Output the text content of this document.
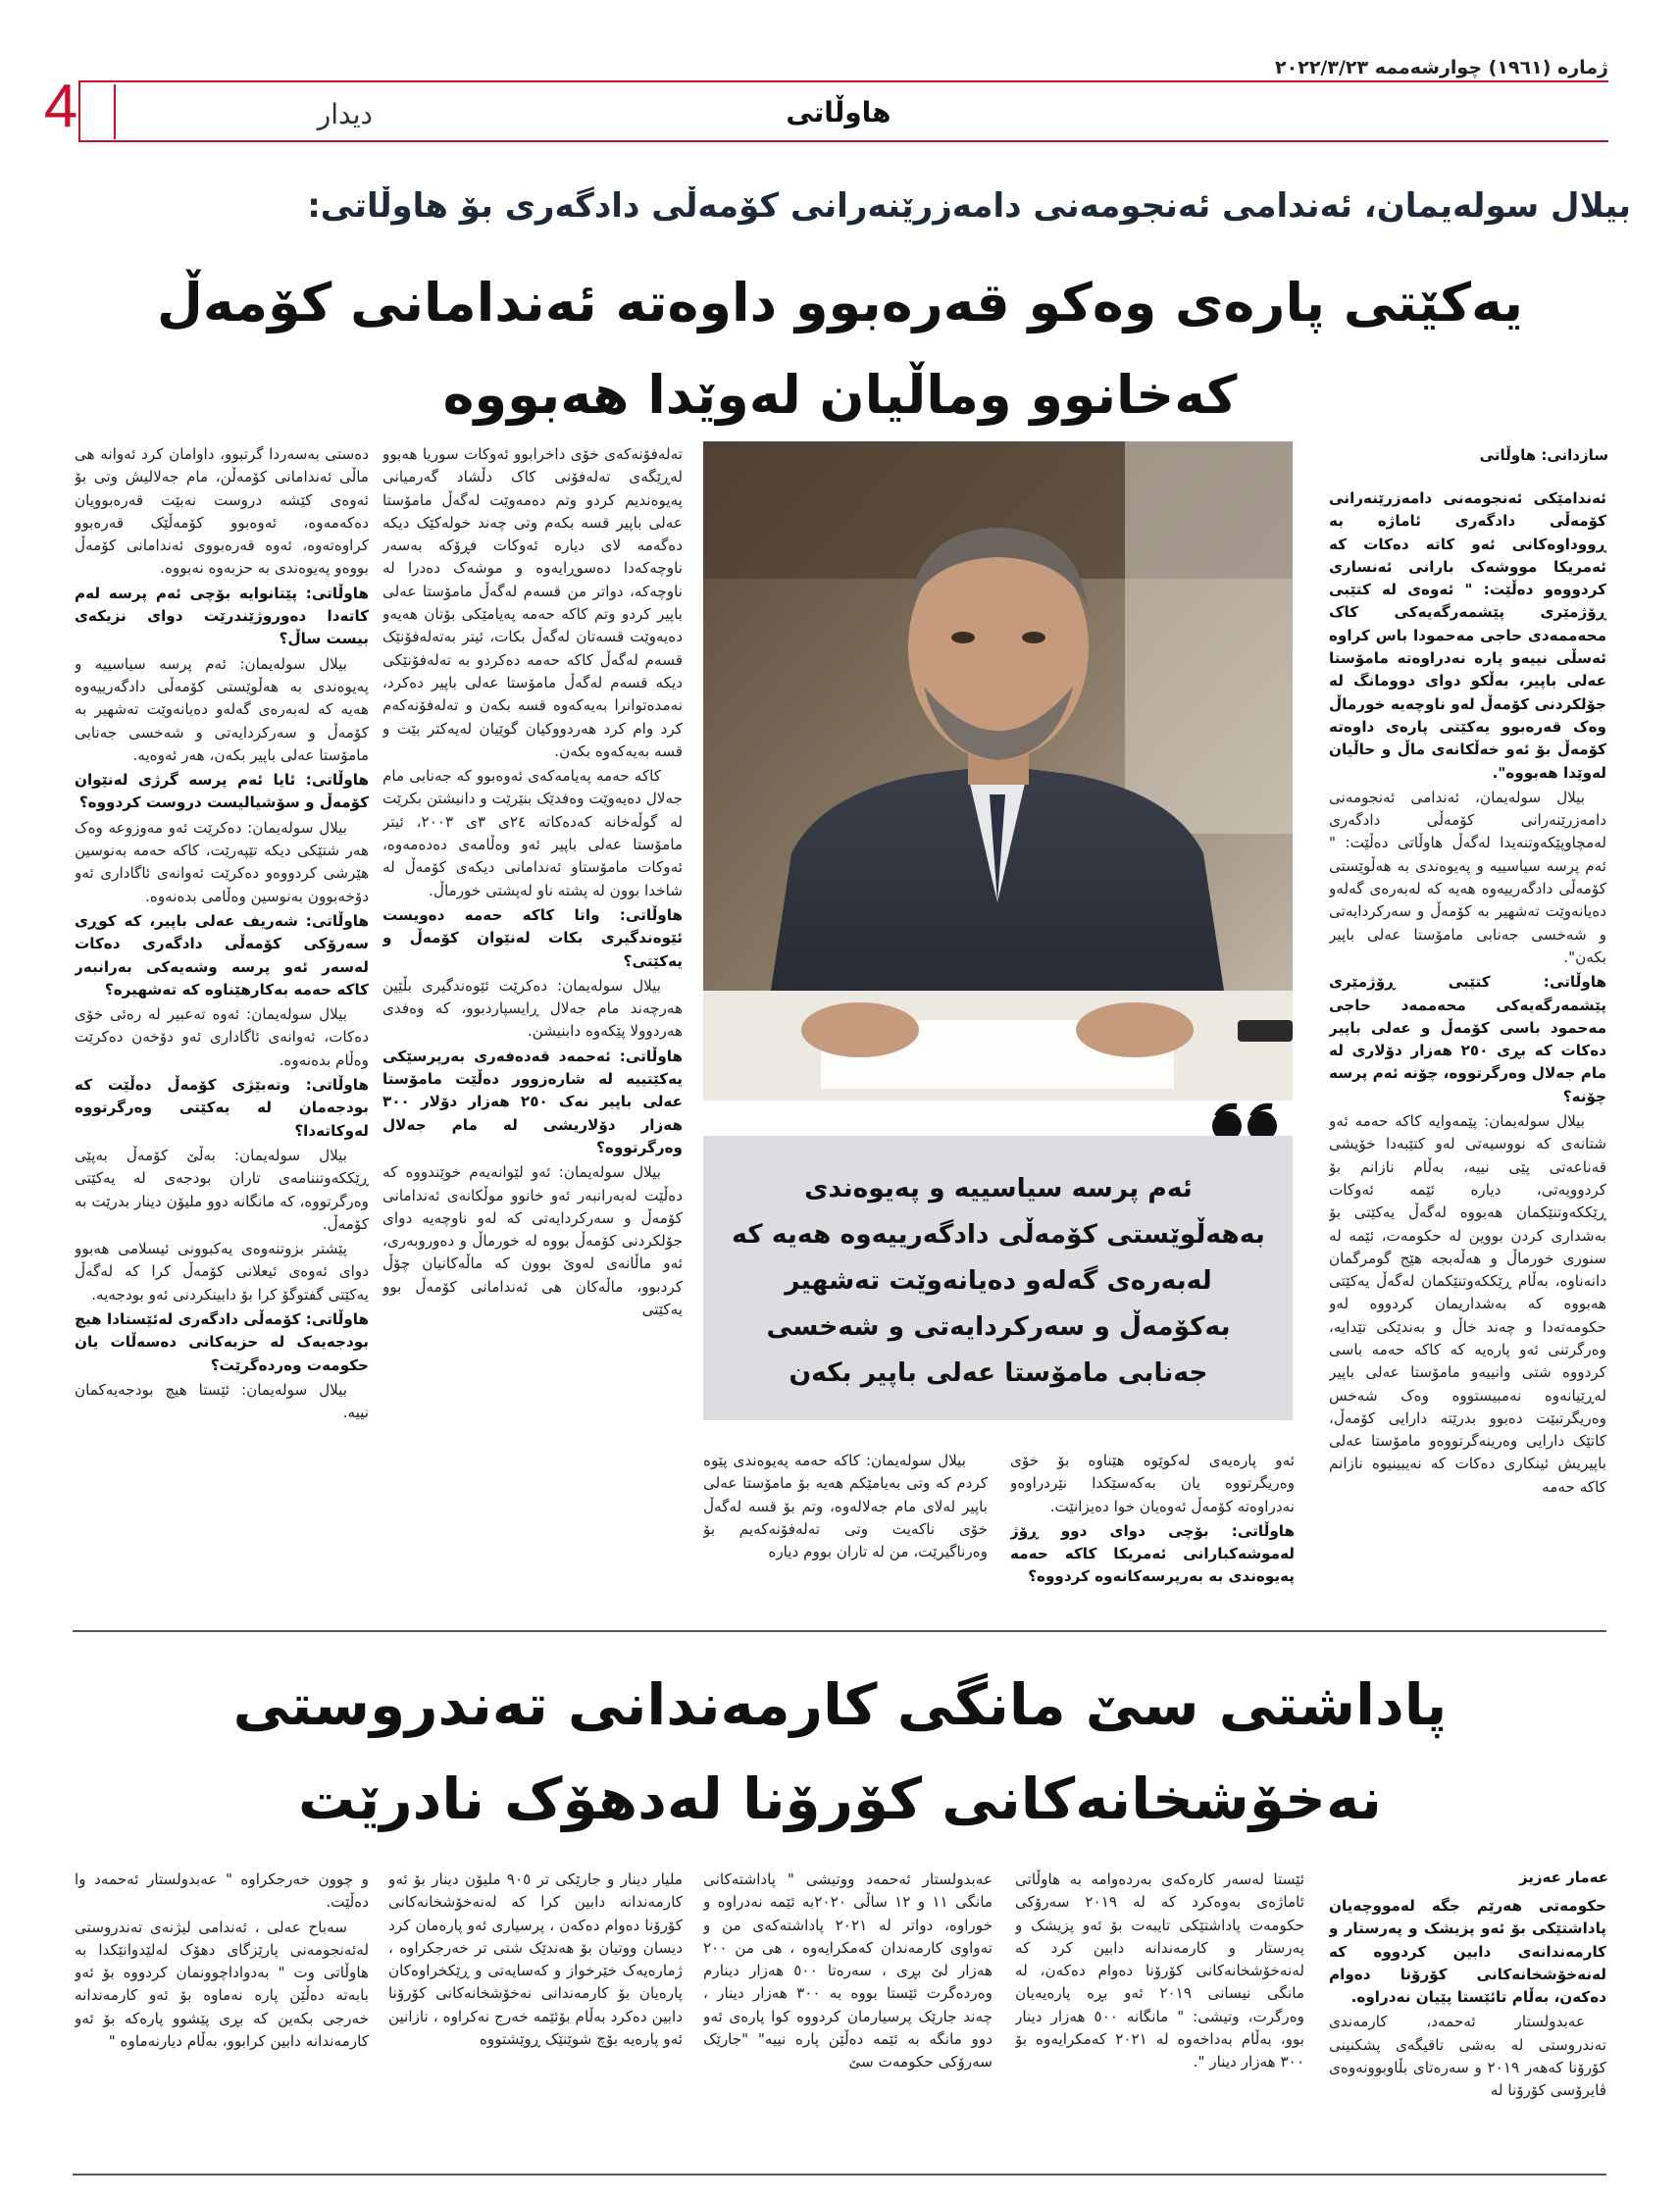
4
ژمارە (١٩٦١) چوارشەممە ٢٠٢٢/٣/٢٣
هاوڵاتی
دیدار
بیلال سولەیمان، ئەندامی ئەنجومەنی دامەزرێنەرانی کۆمەڵی دادگەری بۆ هاوڵاتی:
یەکێتی پارەی وەکو قەرەبوو داوەتە ئەندامانی کۆمەڵ کەخانوو وماڵیان لەوێدا هەبووە
سازدانی: هاوڵاتی

ئەندامێکی ئەنجومەنی دامەزرێنەرانی کۆمەڵی دادگەری ئاماژە بە ڕووداوەکانی ئەو کاتە دەکات کە ئەمریکا مووشەک بارانی ئەنسارى کردووەو دەڵێت: " ئەوەی لە کتێبی ڕۆژمێری پێشمەرگەیەکی کاک محەممەدی حاجی مەحمودا باس کراوە ئەسڵی نییەو پارە نەدراوەتە مامۆستا عەلی باپیر، بەڵکو دوای دووماﻧﮓ لە جۆلکردنی کۆمەڵ لەو ناوچەیە خورماڵ وەک قەرەبوو یەکێتی پارەی داوەتە کۆمەڵ بۆ ئەو خەڵکانەی ماڵ و حاڵیان لەوێدا هەبووە".

بیلال سولەیمان، ئەندامی ئەنجومەنی دامەزرێنەرانی کۆمەڵی دادگەری لەمچاوپێکەوتنەیدا لەگەڵ هاوڵاتی دەڵێت: " ئەم پرسە سیاسییە و پەیوەندی بە هەڵوێستی کۆمەڵی دادگەرییەوە هەیە کە لەبەرەی گەلەو دەیانەوێت تەشهیر بە کۆمەڵ و سەرکردایەتی و شەخسی جەنابی مامۆستا عەلی باپیر بکەن".

هاوڵاتی: کتێبی ڕۆژمێری پێشمەرگەیەکی محەممەد حاجی مەحمود باسی کۆمەڵ و عەلی باپیر دەکات کە بڕی ٢٥٠ هەزار دۆلاری لە مام جەلال وەرگرتووە، چۆنە ئەم پرسە چۆنە؟

بیلال سولەیمان: پێمەوایە کاکە حەمە ئەو شتانەی کە نووسیەتی لەو کتێبەدا خۆیشی قەناعەتی پێی نییە، بەڵام نازانم بۆ کردوویەتی، دیارە ئێمە ئەوکات ڕێککەوتنێکمان هەبووە لەگەڵ یەکێتی بۆ بەشداری کردن بووین لە حکومەت، ئێمە لە سنوری خورماڵ و هەڵەبجە هێج گومرگمان دانەناوە، بەڵام ڕێککەوتنێکمان لەگەڵ یەکێتی هەبووە کە بەشداریمان کردووە لەو حکومەتەدا و چەند خاڵ و بەندێکی تێدایە، وەرگرتنی ئەو پارەیە کە کاکە حەمە باسی کردووە شتی وانییەو مامۆستا عەلی باپیر لەڕێیانەوە نەمبیستووە وەک شەخس وەریگرتبێت دەبوو بدرێتە دارایی کۆمەڵ، کاتێک دارایی وەرینەگرتووەو مامۆستا عەلی باپیریش ئینکاری دەکات کە نەیبینیوە نازانم کاکە حەمە

ئەم پرسە سیاسییە و پەیوەندی بەهەڵوێستی کۆمەڵی دادگەرییەوە هەیە کە لەبەرەی گەلەو دەیانەوێت تەشهیر بەکۆمەڵ و سەرکردایەتی و شەخسی جەنابی مامۆستا عەلی باپیر بکەن

ئەو پارەیەی لەکوێوە هێناوە بۆ خۆی وەریگرتووە یان بەکەسێکدا نێردراوەو نەدراوەتە کۆمەڵ ئەوەیان خوا دەیزانێت.

هاوڵاتی: بۆچی دوای دوو ڕۆژ لەموشەکبارانی ئەمریکا کاکە حەمە پەیوەندی بە بەرپرسەکانەوە کردووە؟

بیلال سولەیمان: کاکە حەمە پەیوەندی پێوە کردم کە وتی بەیامێکم هەیە بۆ مامۆستا عەلی باپیر لەلای مام جەلالەوە، وتم بۆ قسە لەگەڵ خۆی ناکەیت وتی تەلەفۆنەکەیم بۆ وەرناگیرێت، من لە تاران بووم دیارە

تەلەفۆنەکەی خۆی داخرابوو ئەوکات سوریا هەبوو لەڕێگەی تەلەفۆنی کاک دڵشاد گەرمیانی پەیوەندیم کردو وتم دەمەوێت لەگەڵ مامۆستا عەلی باپیر قسە بکەم وتی چەند خولەکێک دیکە دەگەمە لای دیارە ئەوکات فڕۆکە بەسەر ناوچەکەدا دەسوڕایەوە و موشەک دەدرا لە ناوچەکە، دواتر من قسەم لەگەڵ مامۆستا عەلی باپیر کردو وتم کاکە حەمە پەیامێکی بۆتان هەیەو دەیەوێت قسەتان لەگەڵ بکات، ئیتر بەتەلەفۆنێک قسەم لەگەڵ کاکە حەمە دەکردو بە تەلەفۆنێکی دیکە قسەم لەگەڵ مامۆستا عەلی باپیر دەکرد، نەمدەتوانرا بەیەکەوە قسە بکەن و تەلەفۆنەکەم کرد وام کرد هەردووکیان گوێیان لەیەکتر بێت و قسە بەیەکەوە بکەن.

کاکە حەمە پەیامەکەی ئەوەبوو کە جەنابی مام جەلال دەیەوێت وەفدێک بنێرێت و دانیشتن بکرێت لە گوڵەخانە کەدەکاتە ٢٤ی ٣ی ٢٠٠٣، ئیتر مامۆستا عەلی باپیر ئەو وەڵامەی دەدەمەوە، ئەوکات مامۆستاو ئەندامانی دیکەی کۆمەڵ لە شاخدا بوون لە پشتە ناو لەپشتی خورماڵ.

هاوڵاتی: واتا کاکە حەمە دەویست ئێوەندگیری بکات لەنێوان کۆمەڵ و یەکێتی؟

بیلال سولەیمان: دەکرێت ئێوەندگیری بڵێین هەرچەند مام جەلال ڕایسپاردبوو، کە وەفدی هەردوولا پێکەوە دابنیشن.

هاوڵاتی: ئەحمەد قەدەفەری بەرپرسێکی یەکێتییە لە شارەزوور دەڵێت مامۆستا عەلی باپیر نەک ٢٥٠ هەزار دۆلار ٣٠٠ هەزار دۆلاریشی لە مام جەلال وەرگرتووە؟

بیلال سولەیمان: ئەو لێوانەیەم خوێندووە کە دەڵێت لەبەرانبەر ئەو خانوو موڵکانەی ئەندامانی کۆمەڵ و سەرکردایەتی کە لەو ناوچەیە دوای جۆلکردنی کۆمەڵ بووە لە خورماڵ و دەوروبەری، ئەو ماڵانەی لەوێ بوون کە ماڵەکانیان چۆڵ کردبوو، ماڵەکان هی ئەندامانی کۆمەڵ بوو یەکێتی

دەستی بەسەردا گرتبوو، داوامان کرد ئەوانە هی ماڵی ئەندامانی کۆمەڵن، مام جەلالیش وتی بۆ ئەوەی کێشە دروست نەبێت قەرەبوویان دەکەمەوە، ئەوەبوو کۆمەڵێک قەرەبوو کراوەتەوە، ئەوە قەرەبووی ئەندامانی کۆمەڵ بووەو پەیوەندی بە حزبەوە نەبووە.

هاوڵاتی: پێتانوایە بۆچی ئەم پرسە لەم کاتەدا دەوروژێندرێت دوای نزیکەی بیست ساڵ؟

بیلال سولەیمان: ئەم پرسە سیاسییە و پەیوەندی بە هەڵوێستی کۆمەڵی دادگەرییەوە هەیە کە لەبەرەی گەلەو دەیانەوێت تەشهیر بە کۆمەڵ و سەرکردایەتی و شەخسی جەنابی مامۆستا عەلی باپیر بکەن، هەر ئەوەیە.

هاوڵاتی: ئایا ئەم پرسە گرژی لەنێوان کۆمەڵ و سۆشیالیست دروست کردووە؟

بیلال سولەیمان: دەکرێت ئەو مەوزوعە وەک هەر شتێکی دیکە تێپەرێت، کاکە حەمە بەنوسین هێرشی کردووەو دەکرێت ئەوانەی ئاگاداری ئەو دۆخەبوون بەنوسین وەڵامی بدەنەوە.

هاوڵاتی: شەریف عەلی باپیر، کە کوڕی سەرۆکی کۆمەڵی دادگەری دەکات لەسەر ئەو پرسە وشەیەکی بەرانبەر کاکە حەمە بەکارهێناوە کە تەشهیرە؟

بیلال سولەیمان: ئەوە تەعبیر لە رەئی خۆی دەکات، ئەوانەی ئاگاداری ئەو دۆخەن دەکرێت وەڵام بدەنەوە.

هاوڵاتی: وتەبێژی کۆمەڵ دەڵێت کە بودجەمان لە یەکێتی وەرگرتووە لەوکاتەدا؟

بیلال سولەیمان: بەڵێ کۆمەڵ بەپێی ڕێککەوتننامەی تاران بودجەی لە یەکێتی وەرگرتووە، کە مانگانە دوو ملیۆن دینار بدرێت بە کۆمەڵ.

پێشتر بزوتنەوەی یەکبوونی ئیسلامی هەبوو دوای ئەوەی ئیعلانی کۆمەڵ کرا کە لەگەڵ یەکێتی گفتوگۆ کرا بۆ دابینکردنی ئەو بودجەیە.

هاوڵاتی: کۆمەڵی دادگەری لەئێستادا هیچ بودجەیەک لە حزبەکانی دەسەڵات یان حکومەت وەردەگرێت؟

بیلال سولەیمان: ئێستا هیچ بودجەیەکمان نییە.

پاداشتی سێ مانگی کارمەندانی تەندروستی نەخۆشخانەکانی کۆرۆنا لەدهۆک نادرێت
عەمار عەزیز

حکومەتی هەرێم جگە لەمووچەیان پاداشتێکی بۆ ئەو پزیشک و پەرستار و کارمەندانەی دابین کردووە کە لەنەخۆشخانەکانی کۆرۆنا دەوام دەکەن، بەڵام تائێستا پێیان نەدراوە.

عەبدولستار ئەحمەد، کارمەندی تەندروستی لە بەشی تاقیگەی پشکنینی کۆرۆنا کەهەر ٢٠١٩ و سەرەتای بڵاوبوونەوەی ڤایرۆسی کۆرۆنا لە

ئێستا لەسەر کارەکەی بەردەوامە بە هاوڵاتی ئاماژەی بەوەکرد کە لە ٢٠١٩ سەرۆکی حکومەت پاداشتێکی تایبەت بۆ ئەو پزیشک و پەرستار و کارمەندانە دابین کرد کە لەنەخۆشخانەکانی کۆرۆنا دەوام دەکەن، لە مانگی نیسانی ٢٠١٩ ئەو بڕە پارەیەیان وەرگرت، وتیشی: " مانگانە ٥٠٠ هەزار دینار بوو، بەڵام بەداخەوە لە ٢٠٢١ کەمکرایەوە بۆ ٣٠٠ هەزار دینار ".

عەبدولستار ئەحمەد ووتیشی " پاداشتەکانی مانگی ١١ و ١٢ ساڵی ٢٠٢٠بە ئێمە نەدراوە و خوراوە، دواتر لە ٢٠٢١ پاداشتەکەی من و تەواوی کارمەندان کەمکرایەوە ، هی من ٢٠٠ هەزار لێ بڕی ، سەرەتا ٥٠٠ هەزار دینارم وەردەگرت ئێستا بووە بە ٣٠٠ هەزار دینار ، چەند جارێک پرسیارمان کردووە کوا پارەی ئەو دوو مانگە بە ئێمە دەڵێن پارە نییە" "جارێک سەرۆکی حکومەت سێ

ملیار دینار و جارێکی تر ٩٠٥ ملیۆن دینار بۆ ئەو کارمەندانە دابین کرا کە لەنەخۆشخانەکانی کۆرۆنا دەوام دەکەن ، پرسیاری ئەو پارەمان کرد دیسان ووتیان بۆ هەندێک شتی تر خەرجکراوە ، ژمارەیەک خێرخواز و کەسایەتی و ڕێکخراوەکان پارەیان بۆ کارمەندانی نەخۆشخانەکانی کۆرۆنا دابین دەکرد بەڵام بۆئێمە خەرج نەکراوە ، نازانین ئەو پارەیە بۆچ شوێنێک ڕوێشتووە

و چوون خەرجکراوە " عەبدولستار ئەحمەد وا دەڵێت.

سەباح عەلی ، ئەندامی لیژنەی تەندروستی لەئەنجومەنی پارێزگای دهۆک لەلێدوانێکدا بە هاوڵاتی وت " بەدواداچوونمان کردووە بۆ ئەو بابەتە دەڵێن پارە نەماوە بۆ ئەو کارمەندانە خەرجی بکەین کە بڕی پێشوو پارەکە بۆ ئەو کارمەندانە دابین کرابوو، بەڵام دیارنەماوە "
